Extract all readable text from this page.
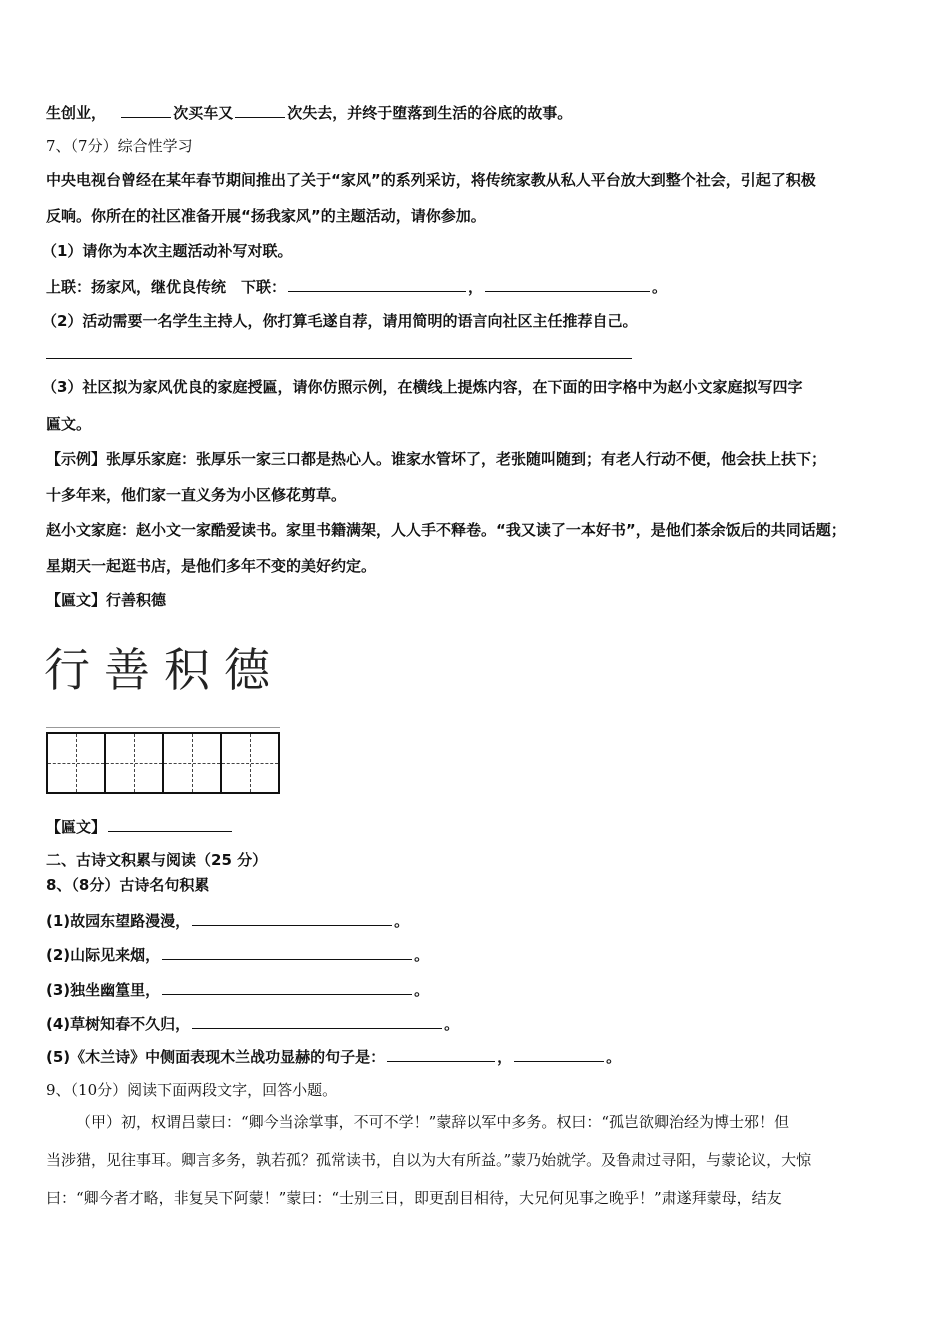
生创业，	次买车又	次失去，并终于堕落到生活的谷底的故事。
7、（7分）综合性学习
中央电视台曾经在某年春节期间推出了关于“家风”的系列采访，将传统家教从私人平台放大到整个社会，引起了积极
反响。你所在的社区准备开展“扬我家风”的主题活动，请你参加。
（1）请你为本次主题活动补写对联。
上联：扬家风，继优良传统　下联：	，	。
（2）活动需要一名学生主持人，你打算毛遂自荐，请用简明的语言向社区主任推荐自己。
（3）社区拟为家风优良的家庭授匾，请你仿照示例，在横线上提炼内容，在下面的田字格中为赵小文家庭拟写四字
匾文。
【示例】张厚乐家庭：张厚乐一家三口都是热心人。谁家水管坏了，老张随叫随到；有老人行动不便，他会扶上扶下；
十多年来，他们家一直义务为小区修花剪草。
赵小文家庭：赵小文一家酷爱读书。家里书籍满架，人人手不释卷。“我又读了一本好书”，是他们茶余饭后的共同话题；
星期天一起逛书店，是他们多年不变的美好约定。
【匾文】行善积德
行善积德
【匾文】
二、古诗文积累与阅读（25 分）
8、（8分）古诗名句积累
(1)故园东望路漫漫，	。
(2)山际见来烟，	。
(3)独坐幽篁里，	。
(4)草树知春不久归，	。
(5)《木兰诗》中侧面表现木兰战功显赫的句子是：	，	。
9、（10分）阅读下面两段文字，回答小题。
（甲）初，权谓吕蒙曰：“卿今当涂掌事，不可不学！”蒙辞以军中多务。权曰：“孤岂欲卿治经为博士邪！但
当涉猎，见往事耳。卿言多务，孰若孤？孤常读书，自以为大有所益。”蒙乃始就学。及鲁肃过寻阳，与蒙论议，大惊
曰：“卿今者才略，非复吴下阿蒙！”蒙曰：“士别三日，即更刮目相待，大兄何见事之晚乎！”肃遂拜蒙母，结友
